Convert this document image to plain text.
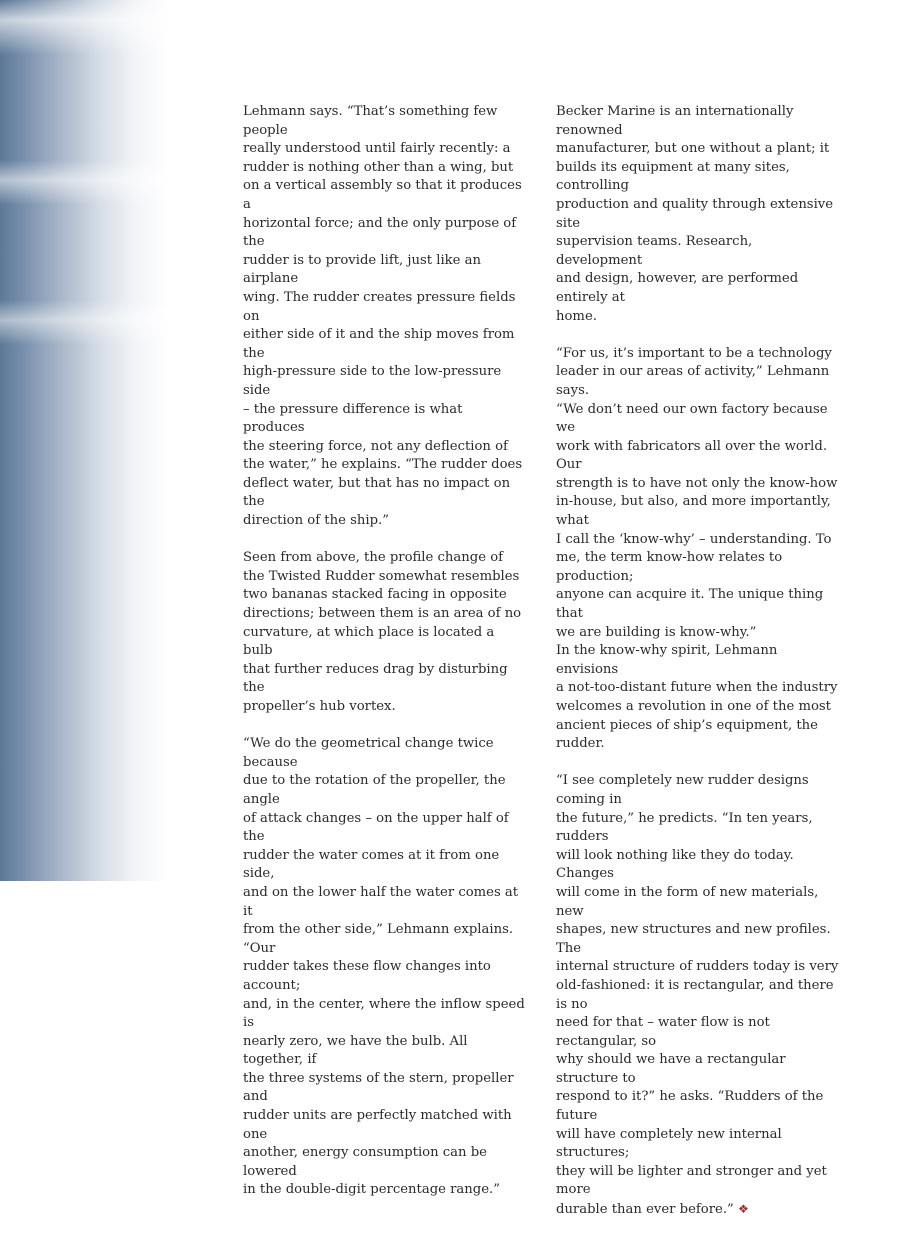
Lehmann says. “That’s something few people
really understood until fairly recently: a
rudder is nothing other than a wing, but
on a vertical assembly so that it produces a
horizontal force; and the only purpose of the
rudder is to provide lift, just like an airplane
wing. The rudder creates pressure fields on
either side of it and the ship moves from the
high-pressure side to the low-pressure side
– the pressure difference is what produces
the steering force, not any deflection of
the water,” he explains. “The rudder does
deflect water, but that has no impact on the
direction of the ship.”

Seen from above, the profile change of
the Twisted Rudder somewhat resembles
two bananas stacked facing in opposite
directions; between them is an area of no
curvature, at which place is located a bulb
that further reduces drag by disturbing the
propeller’s hub vortex.

“We do the geometrical change twice because
due to the rotation of the propeller, the angle
of attack changes – on the upper half of the
rudder the water comes at it from one side,
and on the lower half the water comes at it
from the other side,” Lehmann explains. “Our
rudder takes these flow changes into account;
and, in the center, where the inflow speed is
nearly zero, we have the bulb. All together, if
the three systems of the stern, propeller and
rudder units are perfectly matched with one
another, energy consumption can be lowered
in the double-digit percentage range.”

Becker Marine is an internationally renowned
manufacturer, but one without a plant; it
builds its equipment at many sites, controlling
production and quality through extensive site
supervision teams. Research, development
and design, however, are performed entirely at
home.

“For us, it’s important to be a technology
leader in our areas of activity,” Lehmann says.
“We don’t need our own factory because we
work with fabricators all over the world. Our
strength is to have not only the know-how
in-house, but also, and more importantly, what
I call the ‘know-why’ – understanding. To
me, the term know-how relates to production;
anyone can acquire it. The unique thing that
we are building is know-why.”

In the know-why spirit, Lehmann envisions
a not-too-distant future when the industry
welcomes a revolution in one of the most
ancient pieces of ship’s equipment, the rudder.

“I see completely new rudder designs coming in
the future,” he predicts. “In ten years, rudders
will look nothing like they do today. Changes
will come in the form of new materials, new
shapes, new structures and new profiles. The
internal structure of rudders today is very
old-fashioned: it is rectangular, and there is no
need for that – water flow is not rectangular, so
why should we have a rectangular structure to
respond to it?” he asks. “Rudders of the future
will have completely new internal structures;
they will be lighter and stronger and yet more
durable than ever before.” ❖
